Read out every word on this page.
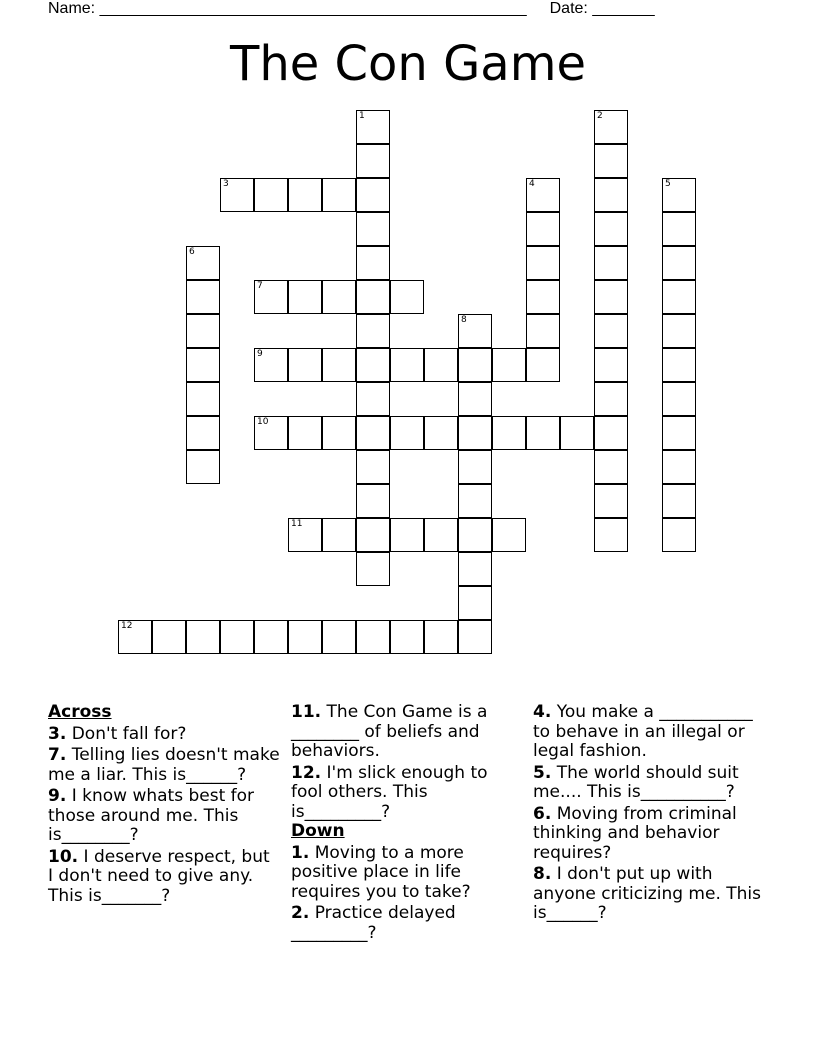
Name: ________________________________________________ Date: _______
The Con Game
1	2
3	4	5
6
7
8
9
10
11
12
Across
3. Don't fall for?
7. Telling lies doesn't make me a liar. This is______?
9. I know whats best for those around me. This is________?
10. I deserve respect, but I don't need to give any. This is_______?
11. The Con Game is a ________ of beliefs and behaviors.
12. I'm slick enough to fool others. This is_________?
Down
1. Moving to a more positive place in life requires you to take?
2. Practice delayed _________?
4. You make a ___________ to behave in an illegal or legal fashion.
5. The world should suit me.... This is__________?
6. Moving from criminal thinking and behavior requires?
8. I don't put up with anyone criticizing me. This is______?
